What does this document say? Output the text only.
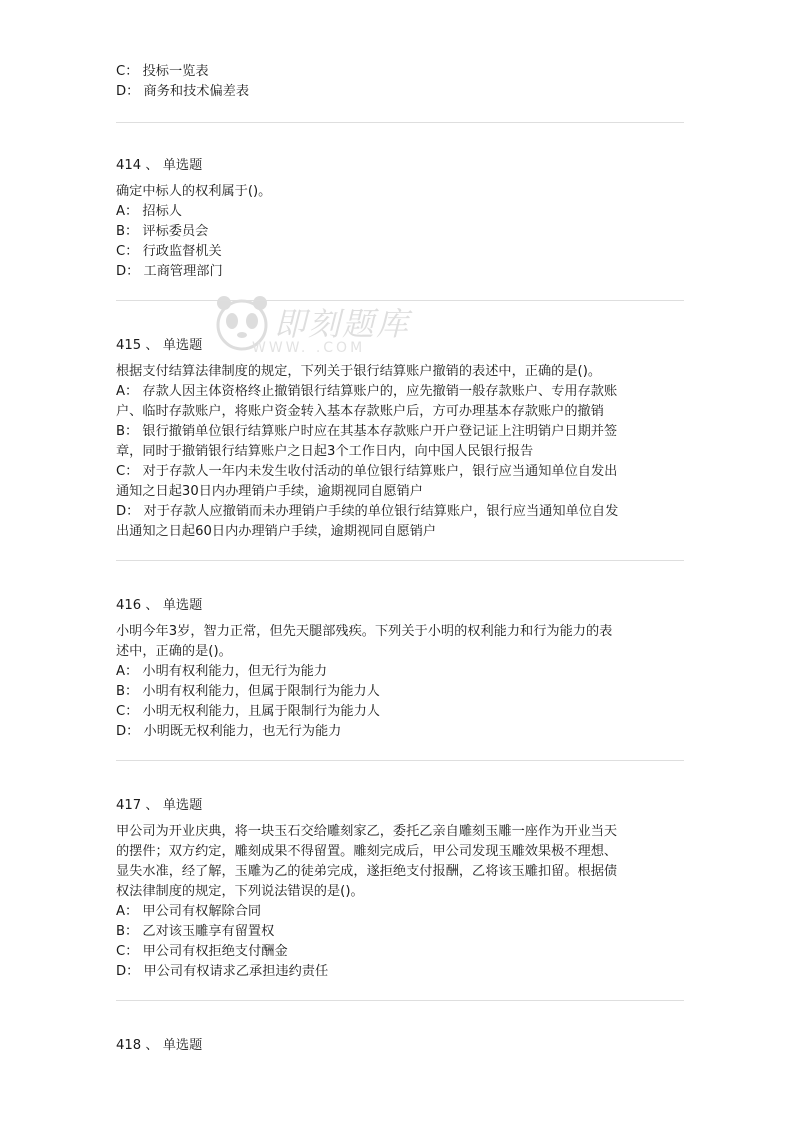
即刻题库
WWW. .COM
C： 投标一览表
D： 商务和技术偏差表
414 、 单选题
确定中标人的权利属于()。
A： 招标人
B： 评标委员会
C： 行政监督机关
D： 工商管理部门
415 、 单选题
根据支付结算法律制度的规定，下列关于银行结算账户撤销的表述中，正确的是()。
A： 存款人因主体资格终止撤销银行结算账户的，应先撤销一般存款账户、专用存款账
户、临时存款账户，将账户资金转入基本存款账户后，方可办理基本存款账户的撤销
B： 银行撤销单位银行结算账户时应在其基本存款账户开户登记证上注明销户日期并签
章，同时于撤销银行结算账户之日起3个工作日内，向中国人民银行报告
C： 对于存款人一年内未发生收付活动的单位银行结算账户，银行应当通知单位自发出
通知之日起30日内办理销户手续，逾期视同自愿销户
D： 对于存款人应撤销而未办理销户手续的单位银行结算账户，银行应当通知单位自发
出通知之日起60日内办理销户手续，逾期视同自愿销户
416 、 单选题
小明今年3岁，智力正常，但先天腿部残疾。下列关于小明的权利能力和行为能力的表
述中，正确的是()。
A： 小明有权利能力，但无行为能力
B： 小明有权利能力，但属于限制行为能力人
C： 小明无权利能力，且属于限制行为能力人
D： 小明既无权利能力，也无行为能力
417 、 单选题
甲公司为开业庆典，将一块玉石交给雕刻家乙，委托乙亲自雕刻玉雕一座作为开业当天
的摆件；双方约定，雕刻成果不得留置。雕刻完成后，甲公司发现玉雕效果极不理想、
显失水准，经了解，玉雕为乙的徒弟完成，遂拒绝支付报酬，乙将该玉雕扣留。根据债
权法律制度的规定，下列说法错误的是()。
A： 甲公司有权解除合同
B： 乙对该玉雕享有留置权
C： 甲公司有权拒绝支付酬金
D： 甲公司有权请求乙承担违约责任
418 、 单选题
